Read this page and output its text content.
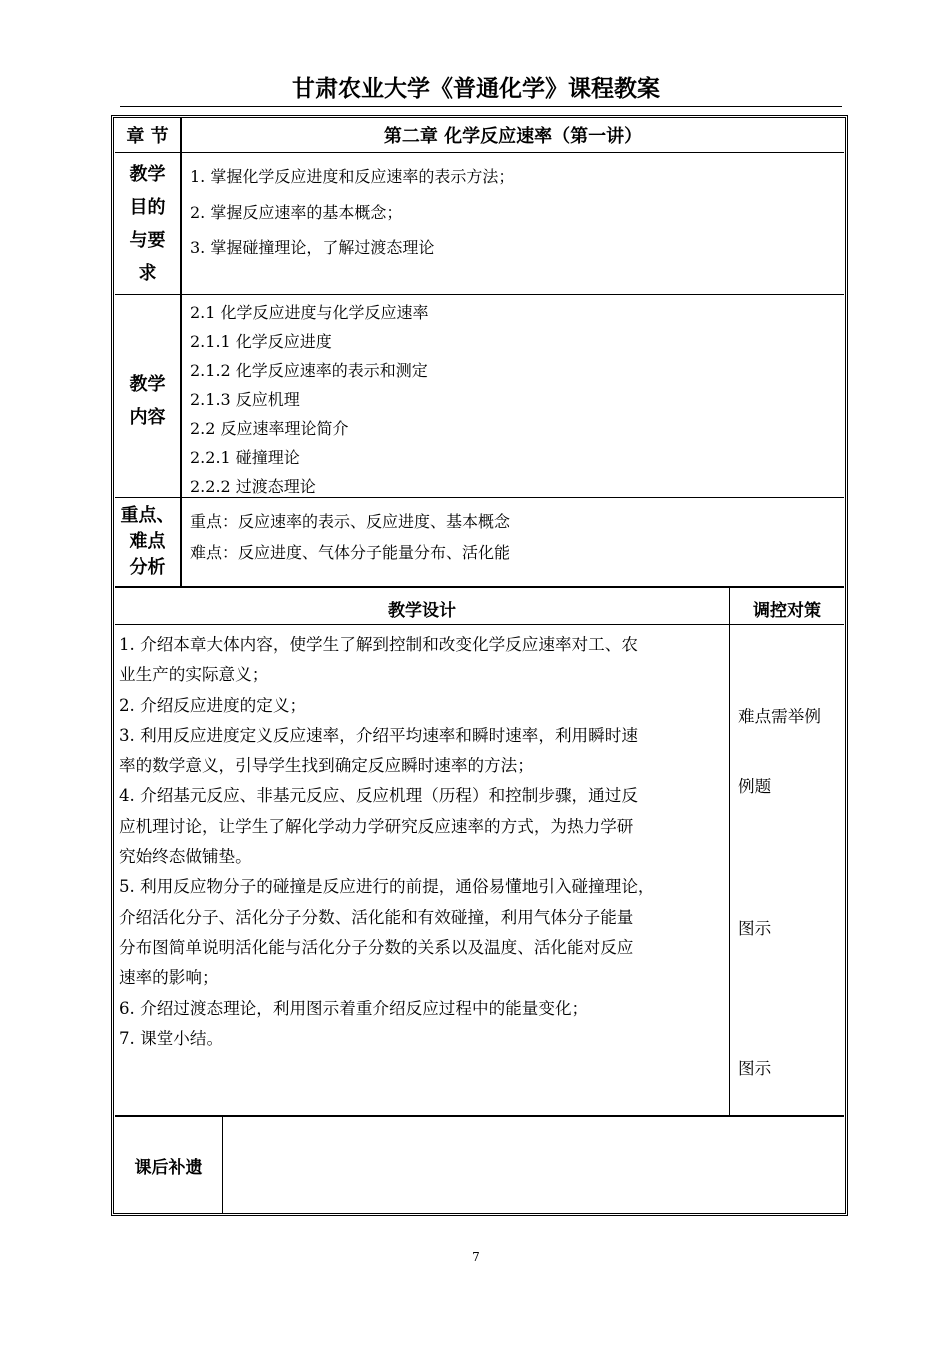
甘肃农业大学《普通化学》课程教案
章 节	第二章 化学反应速率（第一讲）
教学
目的
与要
求
1. 掌握化学反应进度和反应速率的表示方法；
2. 掌握反应速率的基本概念；
3. 掌握碰撞理论，了解过渡态理论
教学
内容
2.1 化学反应进度与化学反应速率
2.1.1 化学反应进度
2.1.2 化学反应速率的表示和测定
2.1.3 反应机理
2.2 反应速率理论简介
2.2.1 碰撞理论
2.2.2 过渡态理论
重点、
难点
分析
重点：反应速率的表示、反应进度、基本概念
难点：反应进度、气体分子能量分布、活化能
教学设计	调控对策

1. 介绍本章大体内容，使学生了解到控制和改变化学反应速率对工、农

业生产的实际意义；

2. 介绍反应进度的定义；

3. 利用反应进度定义反应速率，介绍平均速率和瞬时速率，利用瞬时速

率的数学意义，引导学生找到确定反应瞬时速率的方法；

4. 介绍基元反应、非基元反应、反应机理（历程）和控制步骤，通过反

应机理讨论，让学生了解化学动力学研究反应速率的方式，为热力学研

究始终态做铺垫。

5. 利用反应物分子的碰撞是反应进行的前提，通俗易懂地引入碰撞理论，

介绍活化分子、活化分子分数、活化能和有效碰撞，利用气体分子能量

分布图简单说明活化能与活化分子分数的关系以及温度、活化能对反应

速率的影响；

6. 介绍过渡态理论，利用图示着重介绍反应过程中的能量变化；

7. 课堂小结。

难点需举例
例题
图示
图示
课后补遗
7
